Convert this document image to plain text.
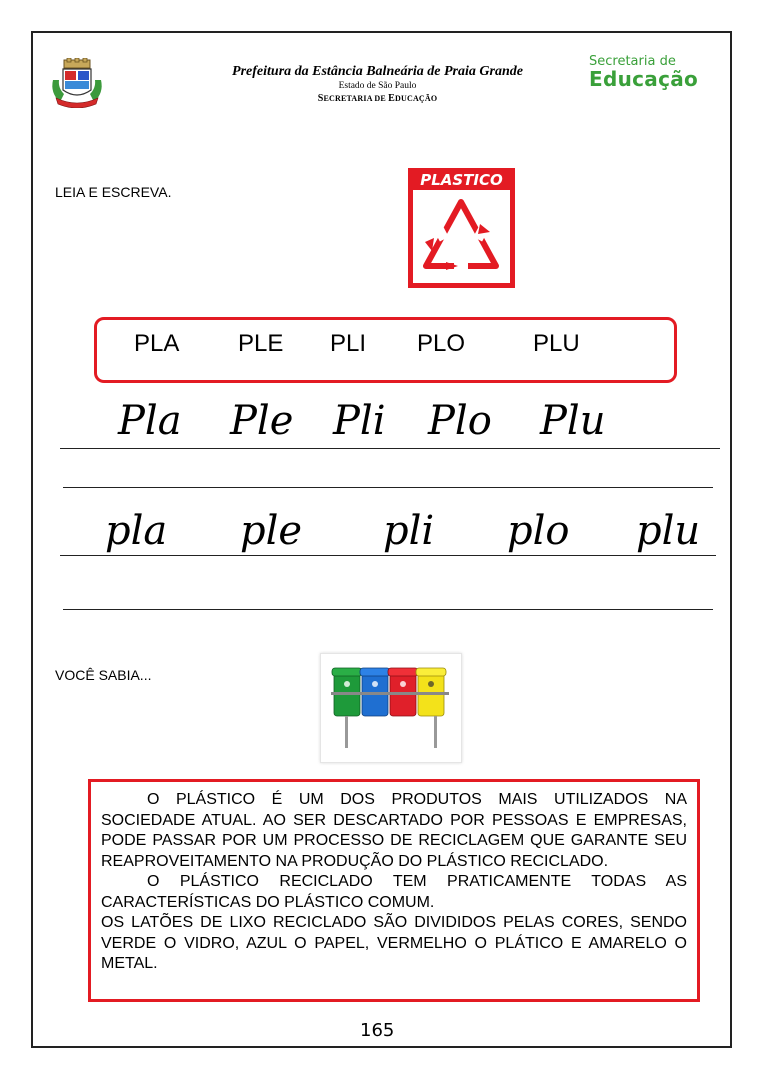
Prefeitura da Estância Balneária de Praia Grande
Estado de São Paulo
SECRETARIA DE EDUCAÇÃO
Secretaria de
Educação
LEIA E ESCREVA.
PLASTICO
PLA PLE PLI PLO	PLU
Pla Ple Pli Plo Plu
pla ple pli plo plu
VOCÊ SABIA...

O PLÁSTICO É UM DOS PRODUTOS MAIS UTILIZADOS NA SOCIEDADE ATUAL. AO SER DESCARTADO POR PESSOAS E EMPRESAS, PODE PASSAR POR UM PROCESSO DE RECICLAGEM QUE GARANTE SEU REAPROVEITAMENTO NA PRODUÇÃO DO PLÁSTICO RECICLADO.

O PLÁSTICO RECICLADO TEM PRATICAMENTE TODAS AS CARACTERÍSTICAS DO PLÁSTICO COMUM.

OS LATÕES DE LIXO RECICLADO SÃO DIVIDIDOS PELAS CORES, SENDO VERDE O VIDRO, AZUL O PAPEL, VERMELHO O PLÁTICO E AMARELO O METAL.

165
